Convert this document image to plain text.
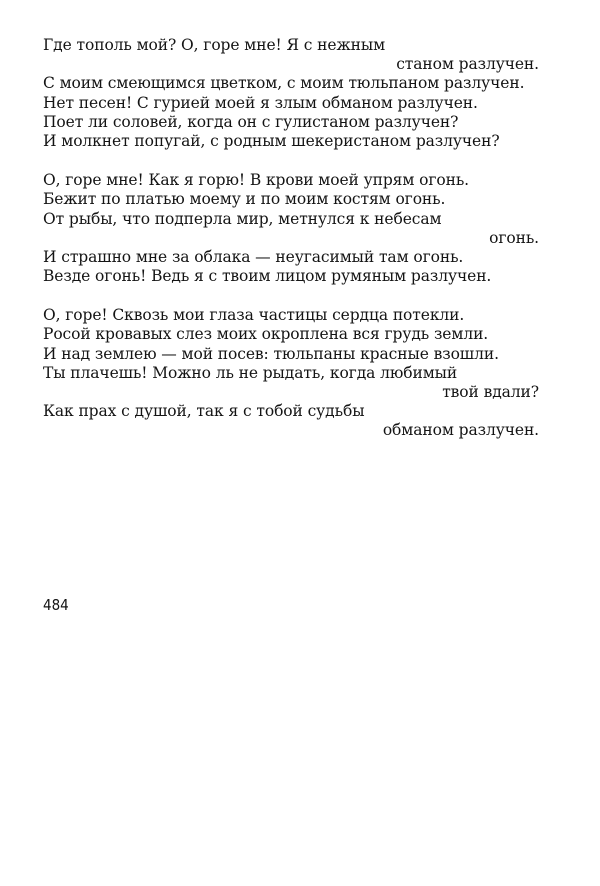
Где тополь мой? О, горе мне! Я с нежным
станом разлучен.
С моим смеющимся цветком, с моим тюльпаном разлучен.
Нет песен! С гурией моей я злым обманом разлучен.
Поет ли соловей, когда он с гулистаном разлучен?
И молкнет попугай, с родным шекеристаном разлучен?
О, горе мне! Как я горю! В крови моей упрям огонь.
Бежит по платью моему и по моим костям огонь.
От рыбы, что подперла мир, метнулся к небесам
огонь.
И страшно мне за облака — неугасимый там огонь.
Везде огонь! Ведь я с твоим лицом румяным разлучен.
О, горе! Сквозь мои глаза частицы сердца потекли.
Росой кровавых слез моих окроплена вся грудь земли.
И над землею — мой посев: тюльпаны красные взошли.
Ты плачешь! Можно ль не рыдать, когда любимый
твой вдали?
Как прах с душой, так я с тобой судьбы
обманом разлучен.
484
